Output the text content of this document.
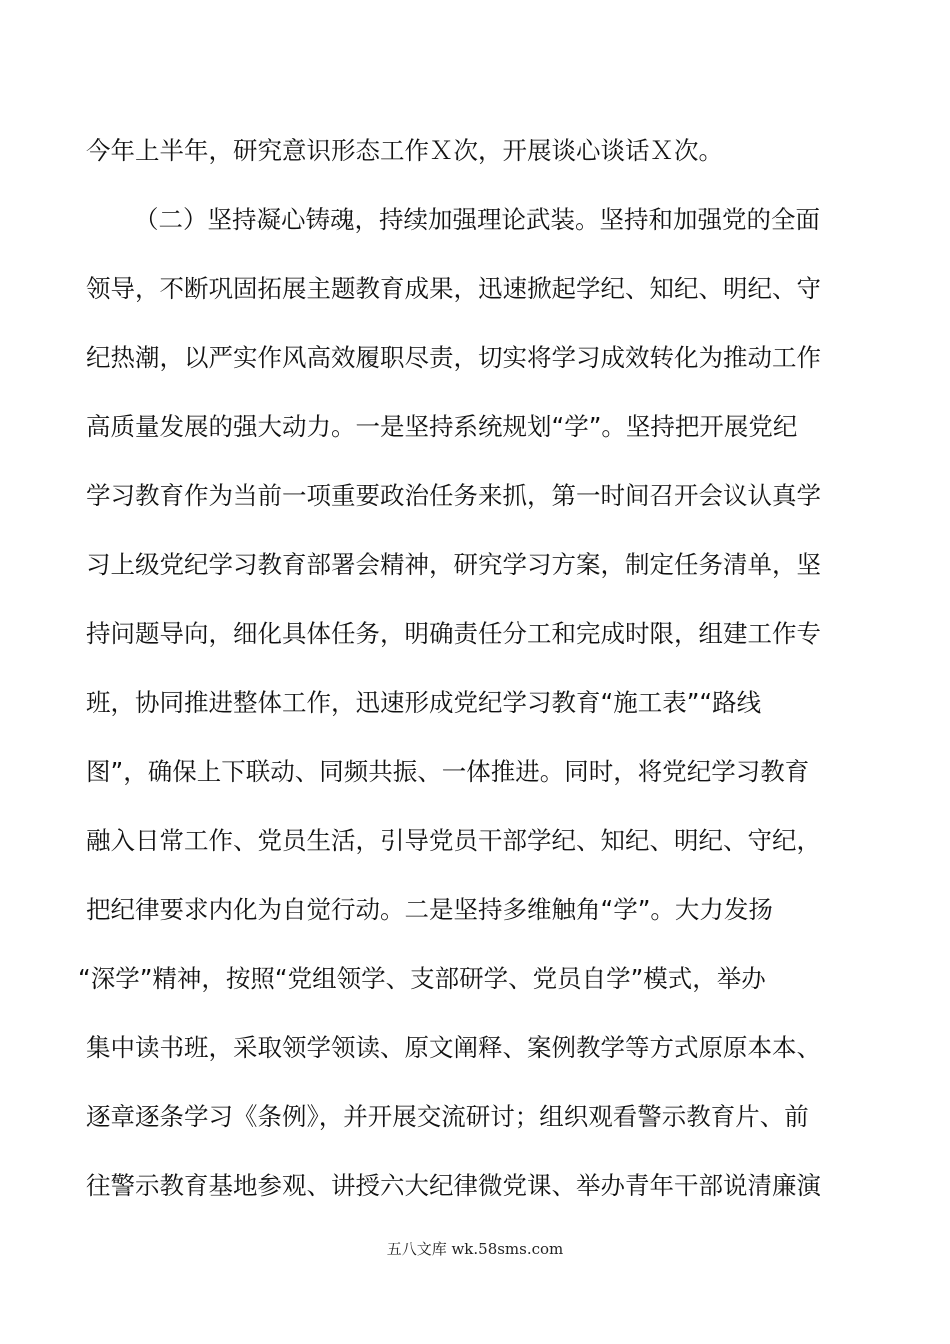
今年上半年，研究意识形态工作Ｘ次，开展谈心谈话Ｘ次。
（二）坚持凝心铸魂，持续加强理论武装。坚持和加强党的全面
领导，不断巩固拓展主题教育成果，迅速掀起学纪、知纪、明纪、守
纪热潮，以严实作风高效履职尽责，切实将学习成效转化为推动工作
高质量发展的强大动力。一是坚持系统规划“学”。坚持把开展党纪
学习教育作为当前一项重要政治任务来抓，第一时间召开会议认真学
习上级党纪学习教育部署会精神，研究学习方案，制定任务清单，坚
持问题导向，细化具体任务，明确责任分工和完成时限，组建工作专
班，协同推进整体工作，迅速形成党纪学习教育“施工表”“路线
图”，确保上下联动、同频共振、一体推进。同时，将党纪学习教育
融入日常工作、党员生活，引导党员干部学纪、知纪、明纪、守纪，
把纪律要求内化为自觉行动。二是坚持多维触角“学”。大力发扬
“深学”精神，按照“党组领学、支部研学、党员自学”模式，举办
集中读书班，采取领学领读、原文阐释、案例教学等方式原原本本、
逐章逐条学习《条例》，并开展交流研讨；组织观看警示教育片、前
往警示教育基地参观、讲授六大纪律微党课、举办青年干部说清廉演
五八文库 wk.58sms.com
